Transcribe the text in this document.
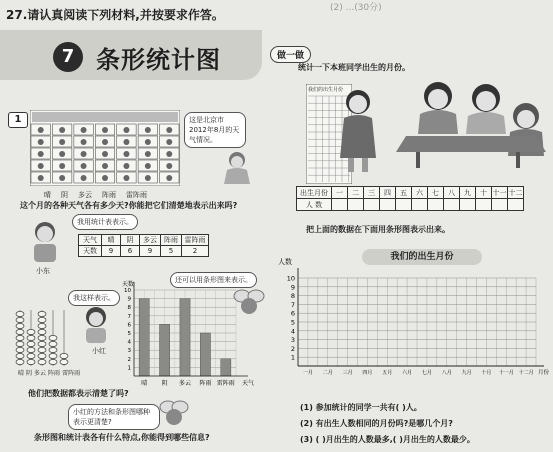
27.请认真阅读下列材料,并按要求作答。	(2) ...(30分)
7 条形统计图
1	这是北京市2012年8月的天气情况。
晴 阴 多云 阵雨 雷阵雨
这个月的各种天气各有多少天?你能把它们清楚地表示出来吗?
小东
我用统计表表示。
天气	晴	阴	多云	阵雨	雷阵雨
天数	9	6	9	5	2
晴 阴 多云 阵雨 雷阵雨
我这样表示。
小红
还可以用条形图来表示。
晴 阴 多云 阵雨 雷阵雨
1
2
3
4
5
6
7
8
9
10
天数
天气
他们把数据都表示清楚了吗?
小红的方法和条形图哪种表示更清楚?
条形图和统计表各有什么特点,你能得到哪些信息?
做一做
统计一下本班同学出生的月份。
我们的出生月份
出生月份	一	二	三	四	五	六	七	八	九	十	十一	十二
人 数												
把上面的数据在下面用条形图表示出来。
我们的出生月份
1
2
3
4
5
6
7
8
9
10
人数
一月 二月 三月 四月 五月 六月 七月 八月 九月 十月 十一月 十二月 月份
(1) 参加统计的同学一共有( )人。
(2) 有出生人数相同的月份吗?是哪几个月?
(3) ( )月出生的人数最多,( )月出生的人数最少。
